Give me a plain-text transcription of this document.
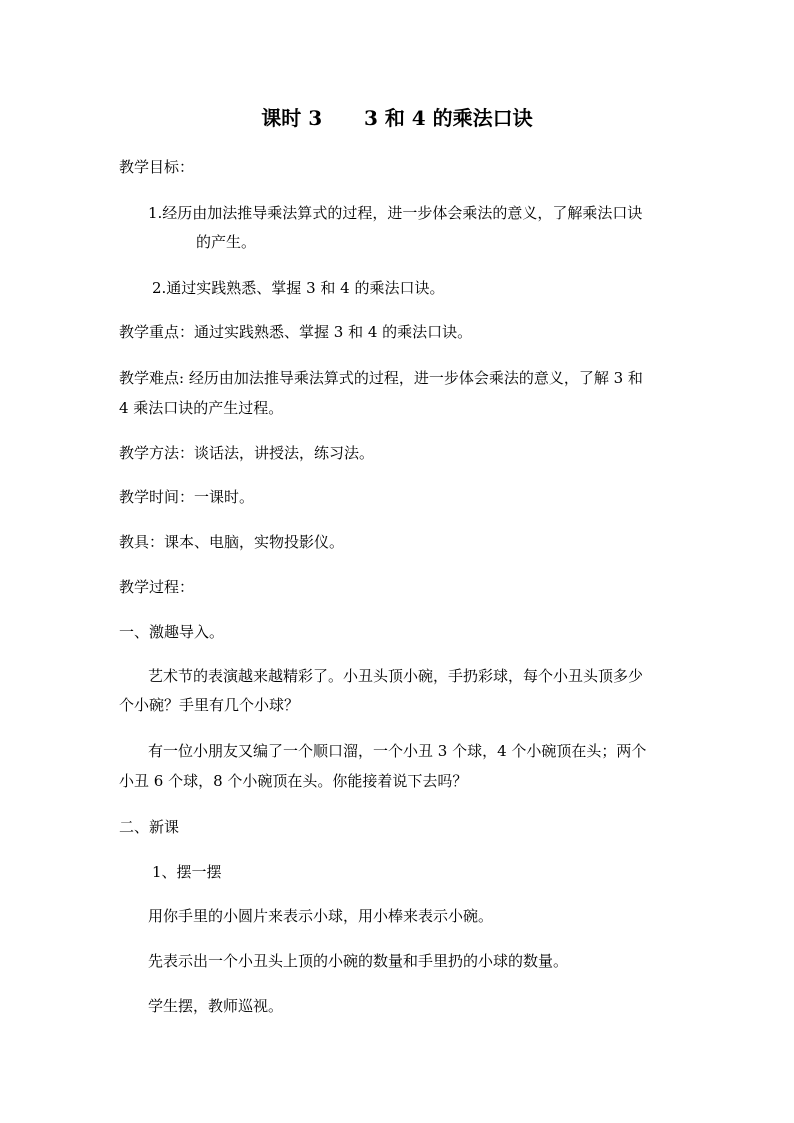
课时 3      3 和 4 的乘法口诀
教学目标：
1.经历由加法推导乘法算式的过程，进一步体会乘法的意义，了解乘法口诀
的产生。
2.通过实践熟悉、掌握 3 和 4 的乘法口诀。
教学重点：通过实践熟悉、掌握 3 和 4 的乘法口诀。
教学难点: 经历由加法推导乘法算式的过程，进一步体会乘法的意义，了解 3 和
4 乘法口诀的产生过程。
教学方法：谈话法，讲授法，练习法。
教学时间：一课时。
教具：课本、电脑，实物投影仪。
教学过程：
一、激趣导入。
艺术节的表演越来越精彩了。小丑头顶小碗，手扔彩球，每个小丑头顶多少
个小碗？手里有几个小球？
有一位小朋友又编了一个顺口溜，一个小丑 3 个球，4 个小碗顶在头；两个
小丑 6 个球，8 个小碗顶在头。你能接着说下去吗？
二、新课
1、摆一摆
用你手里的小圆片来表示小球，用小棒来表示小碗。
先表示出一个小丑头上顶的小碗的数量和手里扔的小球的数量。
学生摆，教师巡视。
